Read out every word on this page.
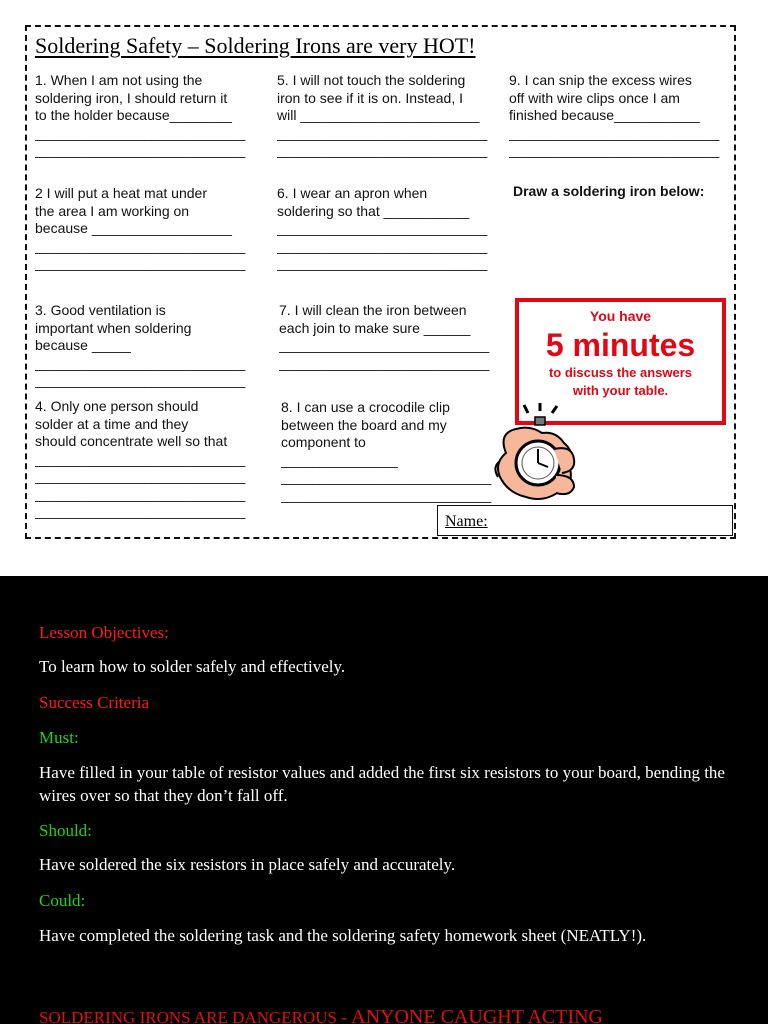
Soldering Safety – Soldering Irons are very HOT!
1. When I am not using the
soldering iron, I should return it
to the holder because________
___________________________
___________________________
2 I will put a heat mat under
the area I am working on
because __________________
___________________________
___________________________
3. Good ventilation is
important when soldering
because _____
___________________________
___________________________
4. Only one person should
solder at a time and they
should concentrate well so that
___________________________
___________________________
___________________________
___________________________
5. I will not touch the soldering
iron to see if it is on. Instead, I
will _______________________
___________________________
___________________________
6. I wear an apron when
soldering so that ___________
___________________________
___________________________
___________________________
7. I will clean the iron between
each join to make sure ______
___________________________
___________________________
8. I can use a crocodile clip
between the board and my
component to
_______________
___________________________
___________________________
9. I can snip the excess wires
off with wire clips once I am
finished because___________
___________________________
___________________________
Draw a soldering iron below:
You have
5 minutes
to discuss the answers
with your table.
Name:
Lesson Objectives:
To learn how to solder safely and effectively.
Success Criteria
Must:
Have filled in your table of resistor values and added the first six resistors to your board, bending the wires over so that they don’t fall off.
Should:
Have soldered the six resistors in place safely and accurately.
Could:
Have completed the soldering task and the soldering safety homework sheet (NEATLY!).
SOLDERING IRONS ARE DANGEROUS - ANYONE CAUGHT ACTING
